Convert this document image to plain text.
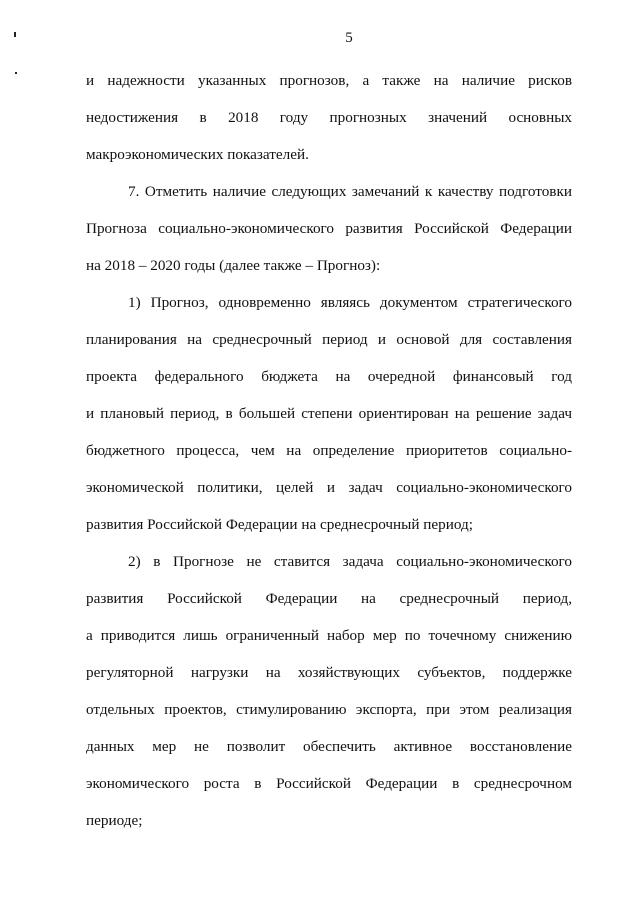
5
и надежности указанных прогнозов, а также на наличие рисков
недостижения в 2018 году прогнозных значений основных
макроэкономических показателей.
7. Отметить наличие следующих замечаний к качеству подготовки
Прогноза социально-экономического развития Российской Федерации
на 2018 – 2020 годы (далее также – Прогноз):
1) Прогноз, одновременно являясь документом стратегического
планирования на среднесрочный период и основой для составления
проекта федерального бюджета на очередной финансовый год
и плановый период, в большей степени ориентирован на решение задач
бюджетного процесса, чем на определение приоритетов социально-
экономической политики, целей и задач социально-экономического
развития Российской Федерации на среднесрочный период;
2) в Прогнозе не ставится задача социально-экономического
развития Российской Федерации на среднесрочный период,
а приводится лишь ограниченный набор мер по точечному снижению
регуляторной нагрузки на хозяйствующих субъектов, поддержке
отдельных проектов, стимулированию экспорта, при этом реализация
данных мер не позволит обеспечить активное восстановление
экономического роста в Российской Федерации в среднесрочном
периоде;
